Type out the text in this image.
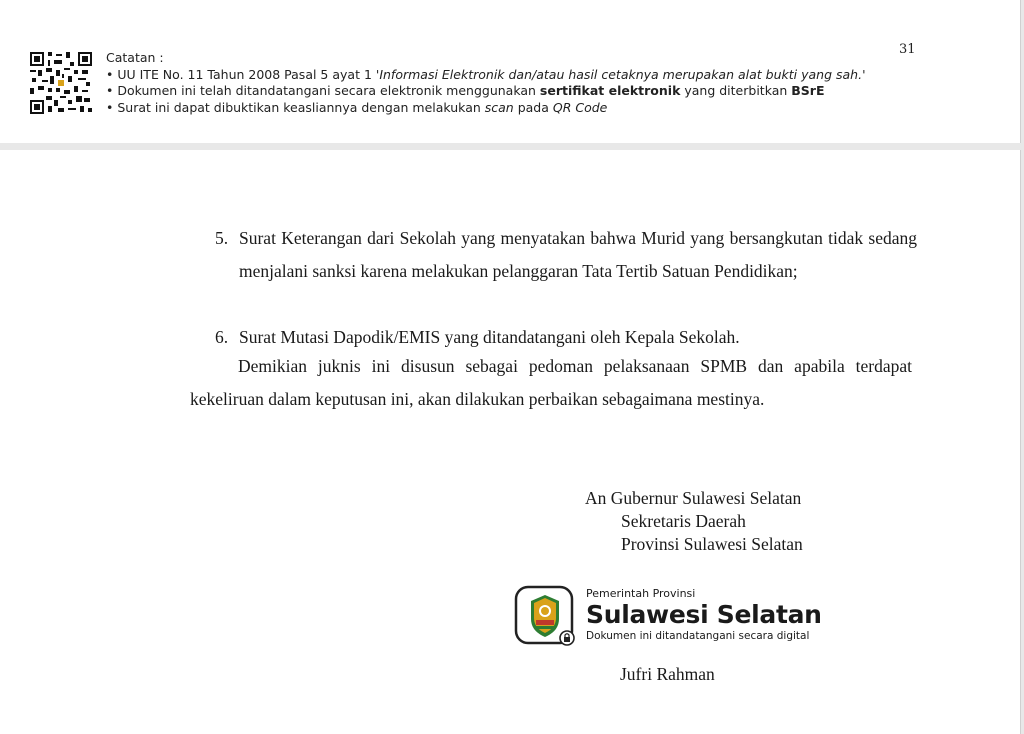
Catatan :
• UU ITE No. 11 Tahun 2008 Pasal 5 ayat 1 'Informasi Elektronik dan/atau hasil cetaknya merupakan alat bukti yang sah.'
• Dokumen ini telah ditandatangani secara elektronik menggunakan sertifikat elektronik yang diterbitkan BSrE
• Surat ini dapat dibuktikan keasliannya dengan melakukan scan pada QR Code
31
5. Surat Keterangan dari Sekolah yang menyatakan bahwa Murid yang bersangkutan tidak sedang menjalani sanksi karena melakukan pelanggaran Tata Tertib Satuan Pendidikan;
6. Surat Mutasi Dapodik/EMIS yang ditandatangani oleh Kepala Sekolah.
Demikian juknis ini disusun sebagai pedoman pelaksanaan SPMB dan apabila terdapat kekeliruan dalam keputusan ini, akan dilakukan perbaikan sebagaimana mestinya.
An Gubernur Sulawesi Selatan
Sekretaris Daerah
Provinsi Sulawesi Selatan
Pemerintah Provinsi
Sulawesi Selatan
Dokumen ini ditandatangani secara digital
Jufri Rahman
